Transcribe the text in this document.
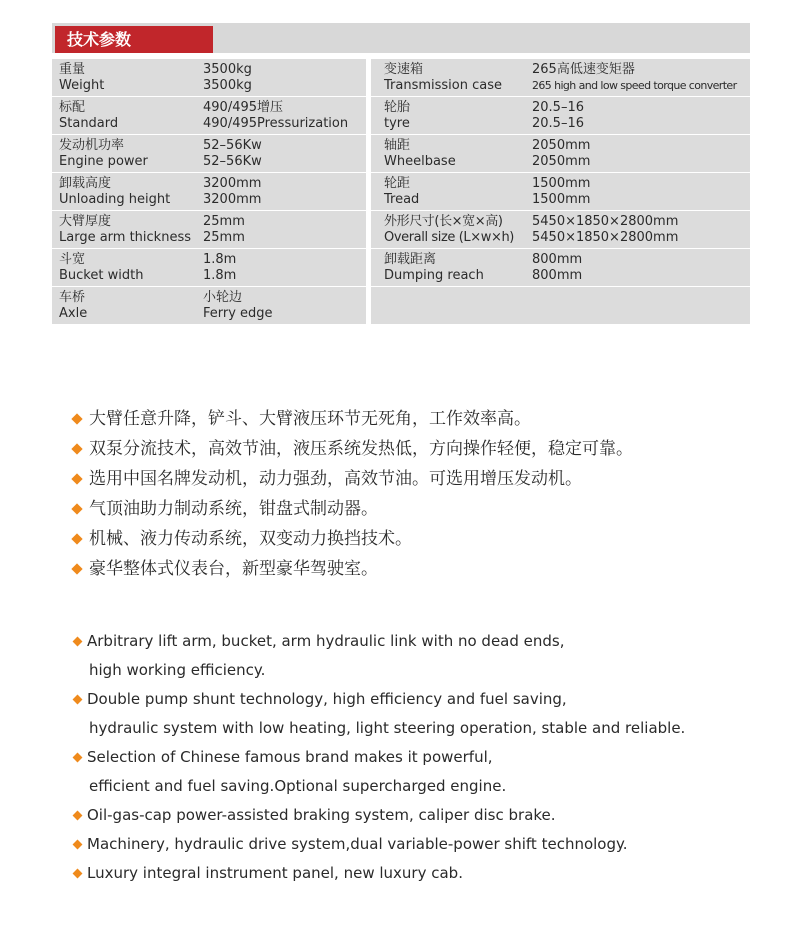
技术参数
重量
Weight
3500kg
3500kg
变速箱
Transmission case
265高低速变矩器
265 high and low speed torque converter
标配
Standard
490/495增压
490/495Pressurization
轮胎
tyre
20.5–16
20.5–16
发动机功率
Engine power
52–56Kw
52–56Kw
轴距
Wheelbase
2050mm
2050mm
卸载高度
Unloading height
3200mm
3200mm
轮距
Tread
1500mm
1500mm
大臂厚度
Large arm thickness
25mm
25mm
外形尺寸(长×宽×高)
Overall size (L×w×h)
5450×1850×2800mm
5450×1850×2800mm
斗宽
Bucket width
1.8m
1.8m
卸载距离
Dumping reach
800mm
800mm
车桥
Axle
小轮边
Ferry edge
大臂任意升降，铲斗、大臂液压环节无死角，工作效率高。
双泵分流技术，高效节油，液压系统发热低，方向操作轻便，稳定可靠。
选用中国名牌发动机，动力强劲，高效节油。可选用增压发动机。
气顶油助力制动系统，钳盘式制动器。
机械、液力传动系统，双变动力换挡技术。
豪华整体式仪表台，新型豪华驾驶室。
Arbitrary lift arm, bucket, arm hydraulic link with no dead ends,
high working efficiency.
Double pump shunt technology, high efficiency and fuel saving,
hydraulic system with low heating, light steering operation, stable and reliable.
Selection of Chinese famous brand makes it powerful,
efficient and fuel saving.Optional supercharged engine.
Oil-gas-cap power-assisted braking system, caliper disc brake.
Machinery, hydraulic drive system,dual variable-power shift technology.
Luxury integral instrument panel, new luxury cab.
